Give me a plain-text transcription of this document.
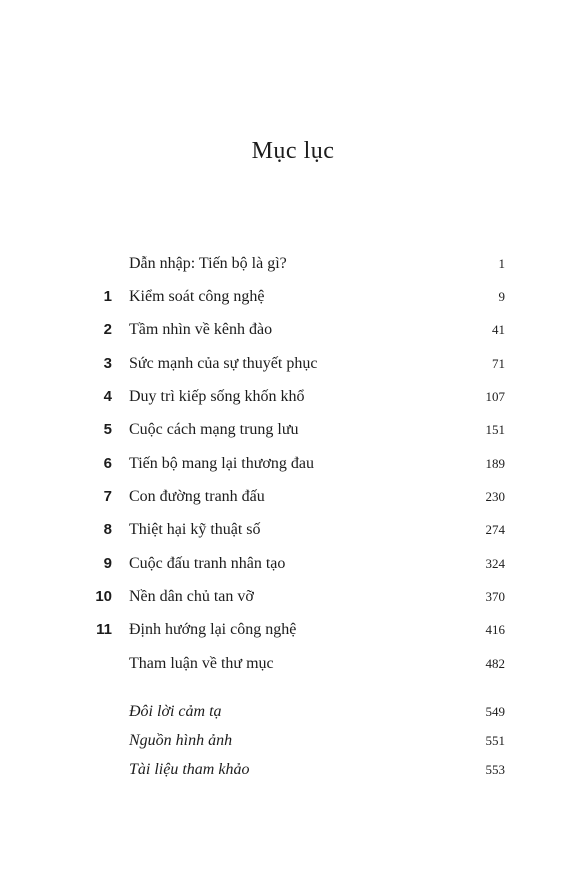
Mục lục
Dẫn nhập: Tiến bộ là gì?	1
1 Kiểm soát công nghệ	9
2 Tầm nhìn về kênh đào	41
3 Sức mạnh của sự thuyết phục	71
4 Duy trì kiếp sống khốn khổ	107
5 Cuộc cách mạng trung lưu	151
6 Tiến bộ mang lại thương đau	189
7 Con đường tranh đấu	230
8 Thiệt hại kỹ thuật số	274
9 Cuộc đấu tranh nhân tạo	324
10 Nền dân chủ tan vỡ	370
11 Định hướng lại công nghệ	416
Tham luận về thư mục	482
Đôi lời cảm tạ	549
Nguồn hình ảnh	551
Tài liệu tham khảo	553
